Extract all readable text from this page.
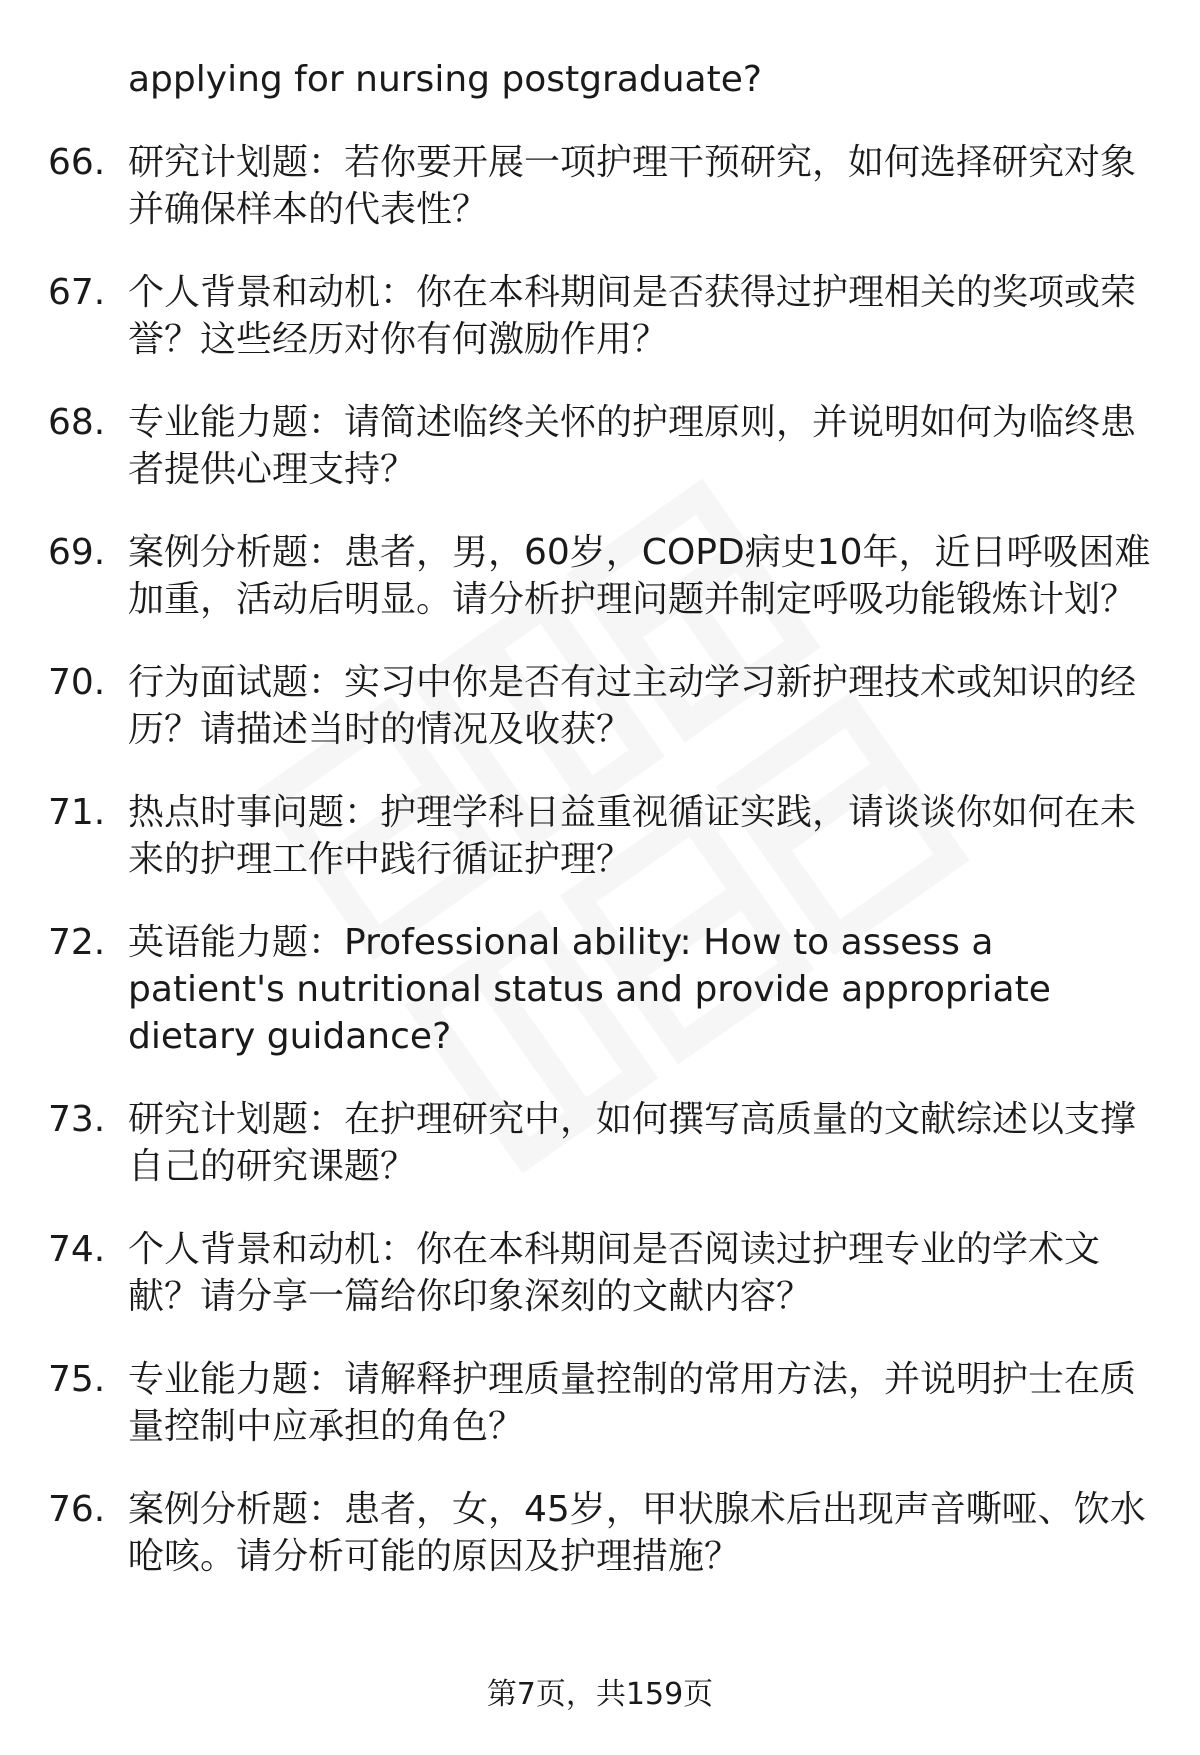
applying for nursing postgraduate?
66. 研究计划题：若你要开展一项护理干预研究，如何选择研究对象并确保样本的代表性？
67. 个人背景和动机：你在本科期间是否获得过护理相关的奖项或荣誉？这些经历对你有何激励作用？
68. 专业能力题：请简述临终关怀的护理原则，并说明如何为临终患者提供心理支持？
69. 案例分析题：患者，男，60岁，COPD病史10年，近日呼吸困难加重，活动后明显。请分析护理问题并制定呼吸功能锻炼计划？
70. 行为面试题：实习中你是否有过主动学习新护理技术或知识的经历？请描述当时的情况及收获？
71. 热点时事问题：护理学科日益重视循证实践，请谈谈你如何在未来的护理工作中践行循证护理？
72. 英语能力题：Professional ability: How to assess a patient's nutritional status and provide appropriate dietary guidance?
73. 研究计划题：在护理研究中，如何撰写高质量的文献综述以支撑自己的研究课题？
74. 个人背景和动机：你在本科期间是否阅读过护理专业的学术文献？请分享一篇给你印象深刻的文献内容？
75. 专业能力题：请解释护理质量控制的常用方法，并说明护士在质量控制中应承担的角色？
76. 案例分析题：患者，女，45岁，甲状腺术后出现声音嘶哑、饮水呛咳。请分析可能的原因及护理措施？
第7页，共159页
